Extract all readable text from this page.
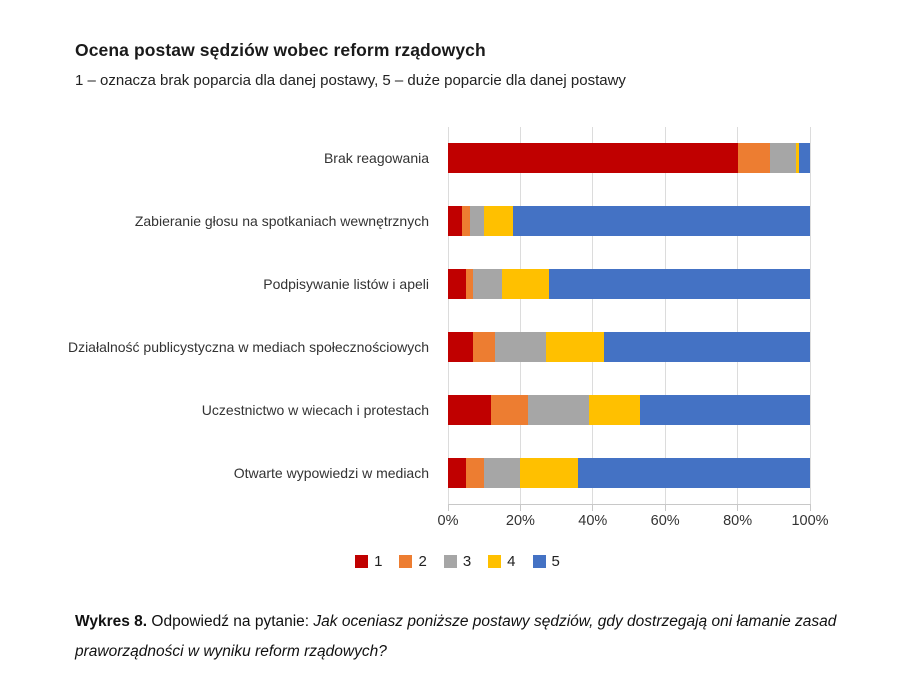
Ocena postaw sędziów wobec reform rządowych
1 – oznacza brak poparcia dla danej postawy, 5 – duże poparcie dla danej postawy
Brak reagowania
Zabieranie głosu na spotkaniach wewnętrznych
Podpisywanie listów i apeli
Działalność publicystyczna w mediach społecznościowych
Uczestnictwo w wiecach i protestach
Otwarte wypowiedzi w mediach
0%	20%	40%	60%	80%	100%
1 2 3 4 5
Wykres 8. Odpowiedź na pytanie: Jak oceniasz poniższe postawy sędziów, gdy dostrzegają oni łamanie zasad praworządności w wyniku reform rządowych?
